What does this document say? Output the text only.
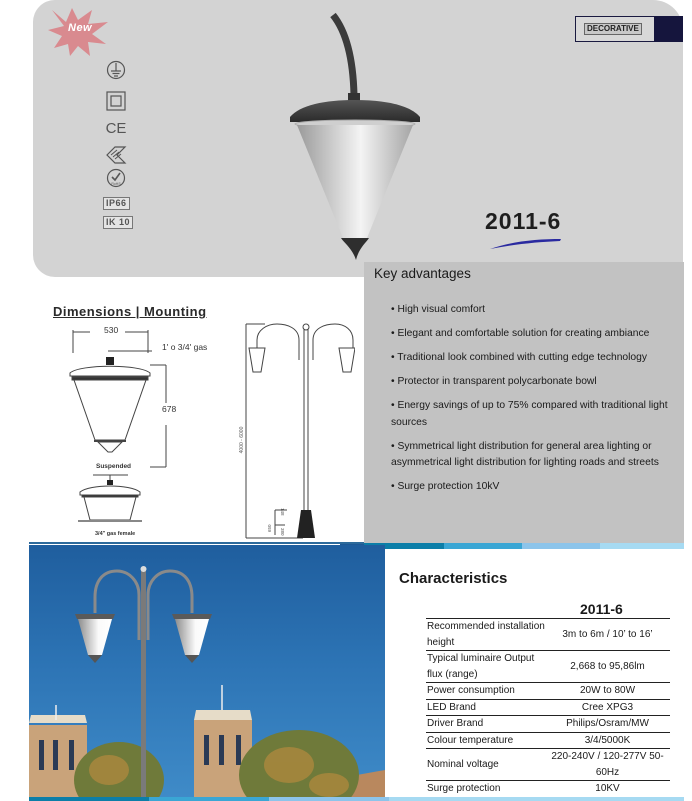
New
CE
RoHS
IP66
IK 10
DECORATIVE
2011-6
Key advantages
• High visual comfort
• Elegant and comfortable solution for creating ambiance
• Traditional look combined with cutting edge technology
• Protector in transparent polycarbonate bowl
• Energy savings of up to 75% compared with traditional light sources
• Symmetrical light distribution for general area lighting or asymmetrical light distribution for lighting roads and streets
• Surge protection 10kV
Dimensions | Mounting
530
1' o 3/4' gas
678
Suspended
3/4" gas female
4000 - 6000
148
650 380
Characteristics
2011-6
Recommended installation height	3m to 6m / 10’ to 16’
Typical luminaire Output flux (range)	2,668 to 95,86lm
Power consumption	20W to 80W
LED Brand	Cree XPG3
Driver Brand	Philips/Osram/MW
Colour temperature	3/4/5000K
Nominal voltage	220-240V / 120-277V 50-60Hz
Surge protection	10KV
